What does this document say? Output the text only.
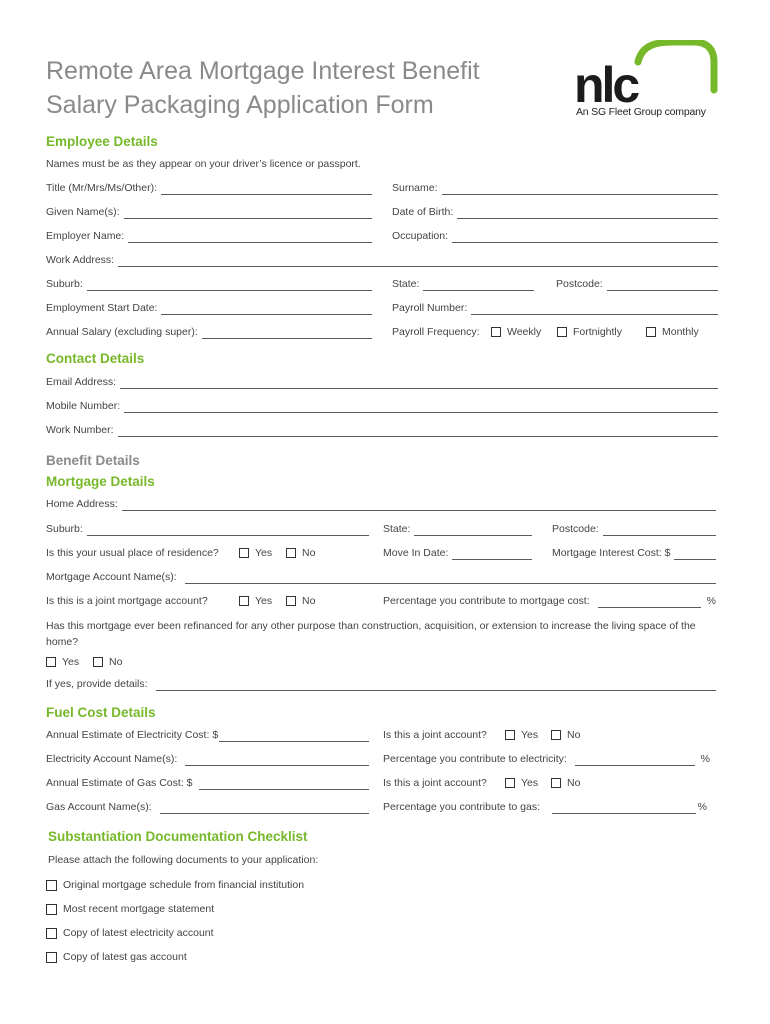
Remote Area Mortgage Interest Benefit
Salary Packaging Application Form	nlc
An SG Fleet Group company
Employee Details
Names must be as they appear on your driver’s licence or passport.
Title (Mr/Mrs/Ms/Other):	Surname:
Given Name(s):	Date of Birth:
Employer Name:	Occupation:
Work Address:
Suburb:	State:	Postcode:
Employment Start Date:	Payroll Number:
Annual Salary (excluding super):	Payroll Frequency:	Weekly	Fortnightly	Monthly
Contact Details
Email Address:
Mobile Number:
Work Number:
Benefit Details
Mortgage Details
Home Address:
Suburb:	State:	Postcode:
Is this your usual place of residence?	Yes	No	Move In Date:	Mortgage Interest Cost: $
Mortgage Account Name(s):
Is this is a joint mortgage account?	Yes	No	Percentage you contribute to mortgage cost:	%
Has this mortgage ever been refinanced for any other purpose than construction, acquisition, or extension to increase the living space of the home?
Yes	No
If yes, provide details:
Fuel Cost Details
Annual Estimate of Electricity Cost: $	Is this a joint account?	Yes	No
Electricity Account Name(s):	Percentage you contribute to electricity:	%
Annual Estimate of Gas Cost: $	Is this a joint account?	Yes	No
Gas Account Name(s):	Percentage you contribute to gas:	%
Substantiation Documentation Checklist
Please attach the following documents to your application:
Original mortgage schedule from financial institution
Most recent mortgage statement
Copy of latest electricity account
Copy of latest gas account
